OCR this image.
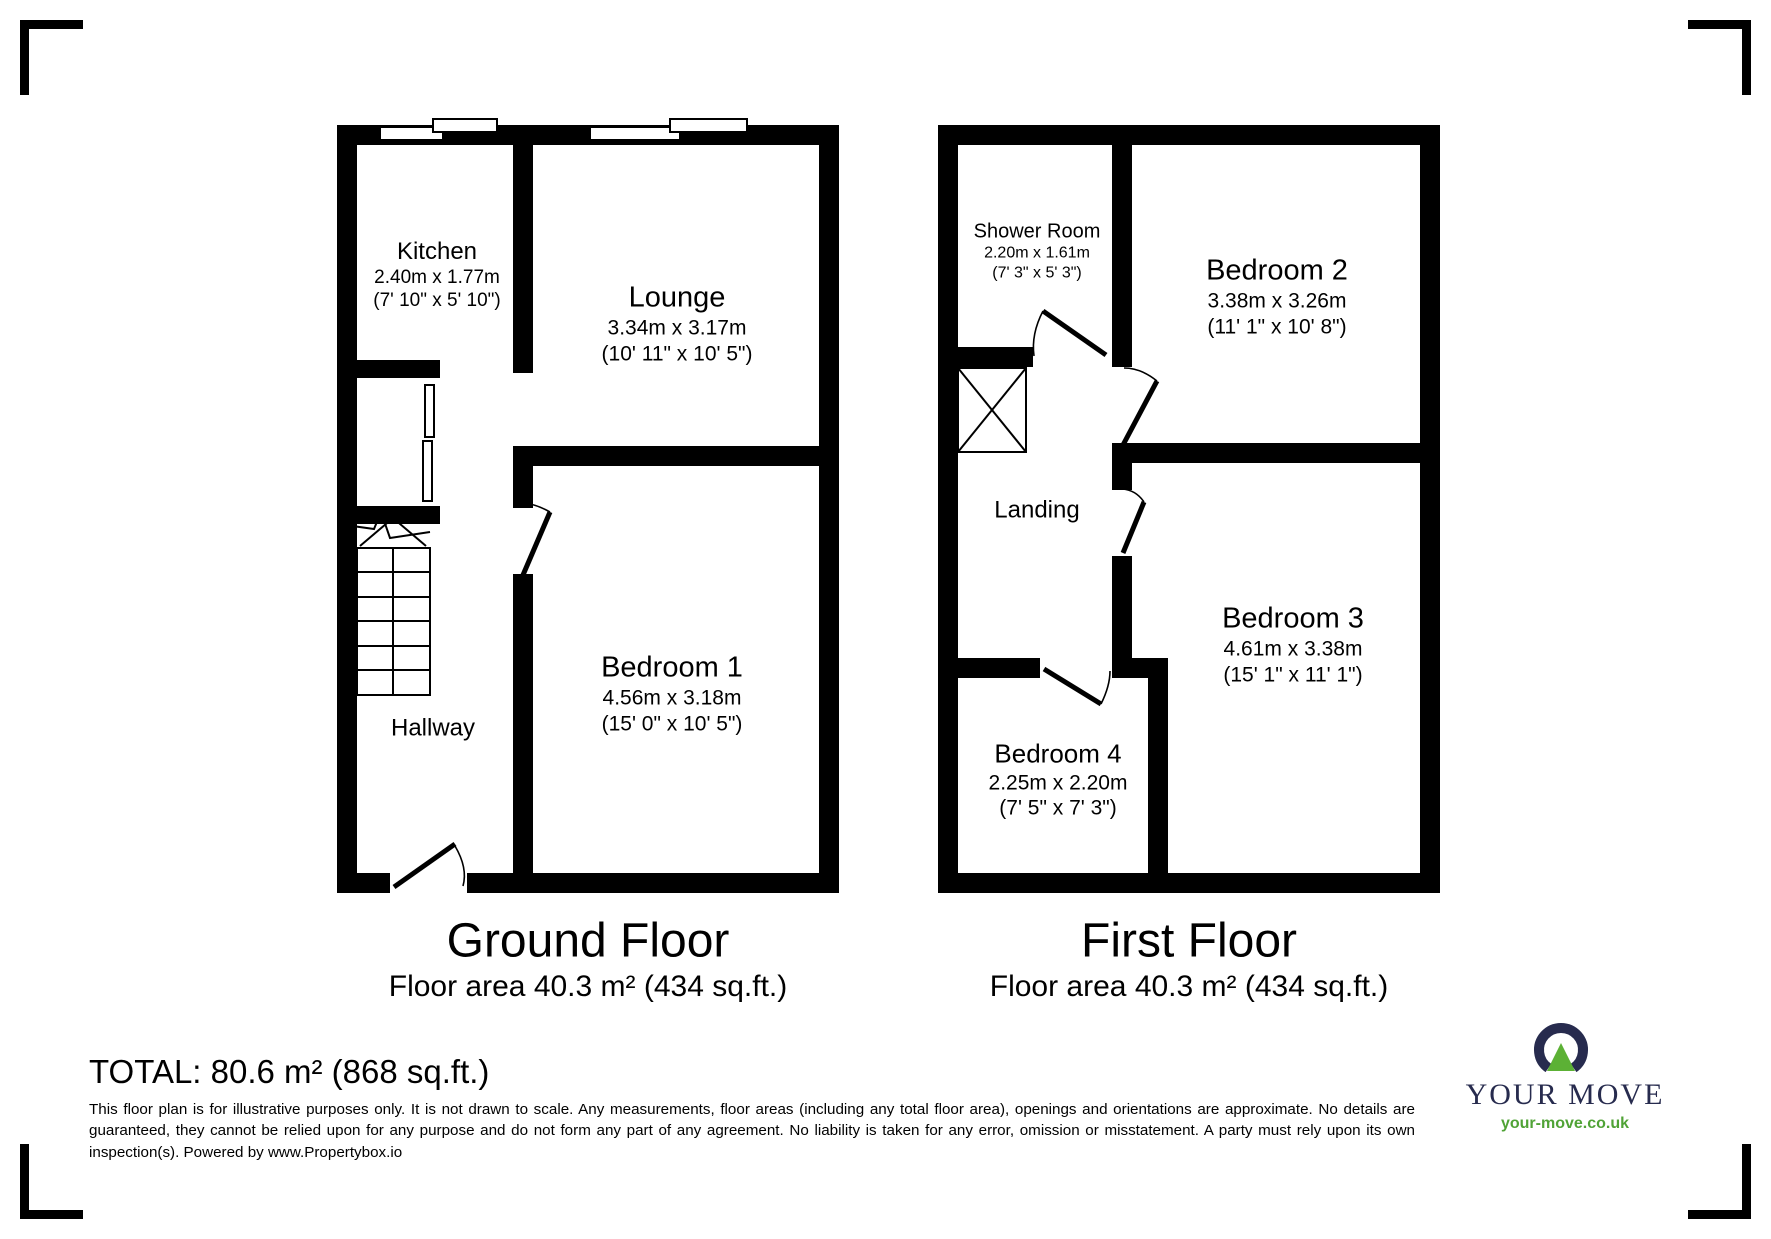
Kitchen
2.40m x 1.77m
(7' 10" x 5' 10")	Lounge
3.34m x 3.17m
(10' 11" x 10' 5")
Bedroom 1
4.56m x 3.18m
(15' 0" x 10' 5")
Hallway
Shower Room
2.20m x 1.61m
(7' 3" x 5' 3")	Bedroom 2
3.38m x 3.26m
(11' 1" x 10' 8")
Landing
Bedroom 3
4.61m x 3.38m
(15' 1" x 11' 1")
Bedroom 4
2.25m x 2.20m
(7' 5" x 7' 3")
Ground Floor
Floor area 40.3 m² (434 sq.ft.)
First Floor
Floor area 40.3 m² (434 sq.ft.)
TOTAL: 80.6 m² (868 sq.ft.)
This floor plan is for illustrative purposes only. It is not drawn to scale. Any measurements, floor areas (including any total floor area), openings and orientations are approximate. No details are guaranteed, they cannot be relied upon for any purpose and do not form any part of any agreement. No liability is taken for any error, omission or misstatement. A party must rely upon its own inspection(s). Powered by www.Propertybox.io
YOUR MOVE
your-move.co.uk
